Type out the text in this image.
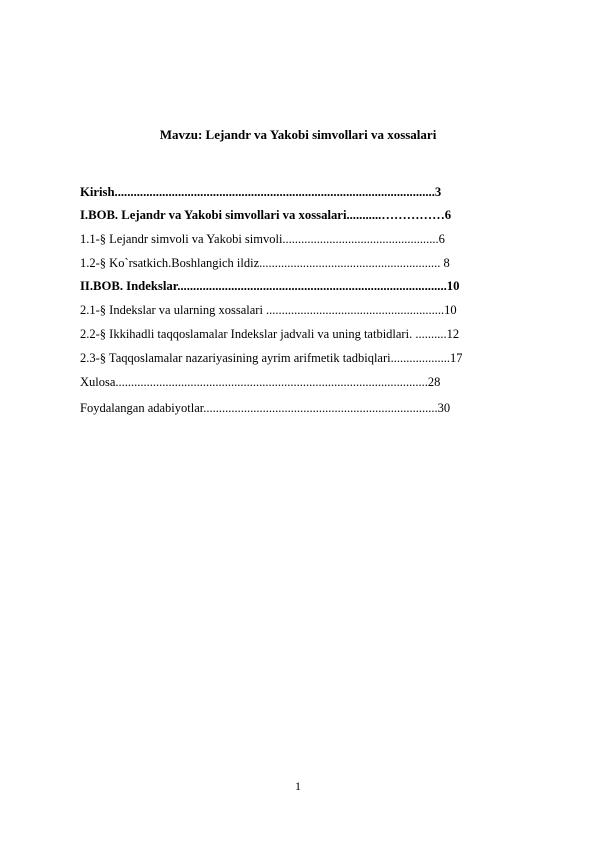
Mavzu: Lejandr va Yakobi simvollari va xossalari
Kirish.....................................................................................................3
I.BOB. Lejandr va Yakobi simvollari va xossalari...........……………6
1.1-§ Lejandr simvoli va Yakobi simvoli..................................................6
1.2-§ Ko`rsatkich.Boshlangich ildiz.......................................................... 8
II.BOB. Indekslar.....................................................................................10
2.1-§ Indekslar va ularning xossalari .........................................................10
2.2-§ Ikkihadli taqqoslamalar Indekslar jadvali va uning tatbidlari. ..........12
2.3-§ Taqqoslamalar nazariyasining ayrim arifmetik tadbiqlari...................17
Xulosa....................................................................................................28
Foydalangan adabiyotlar...........................................................................30
1
